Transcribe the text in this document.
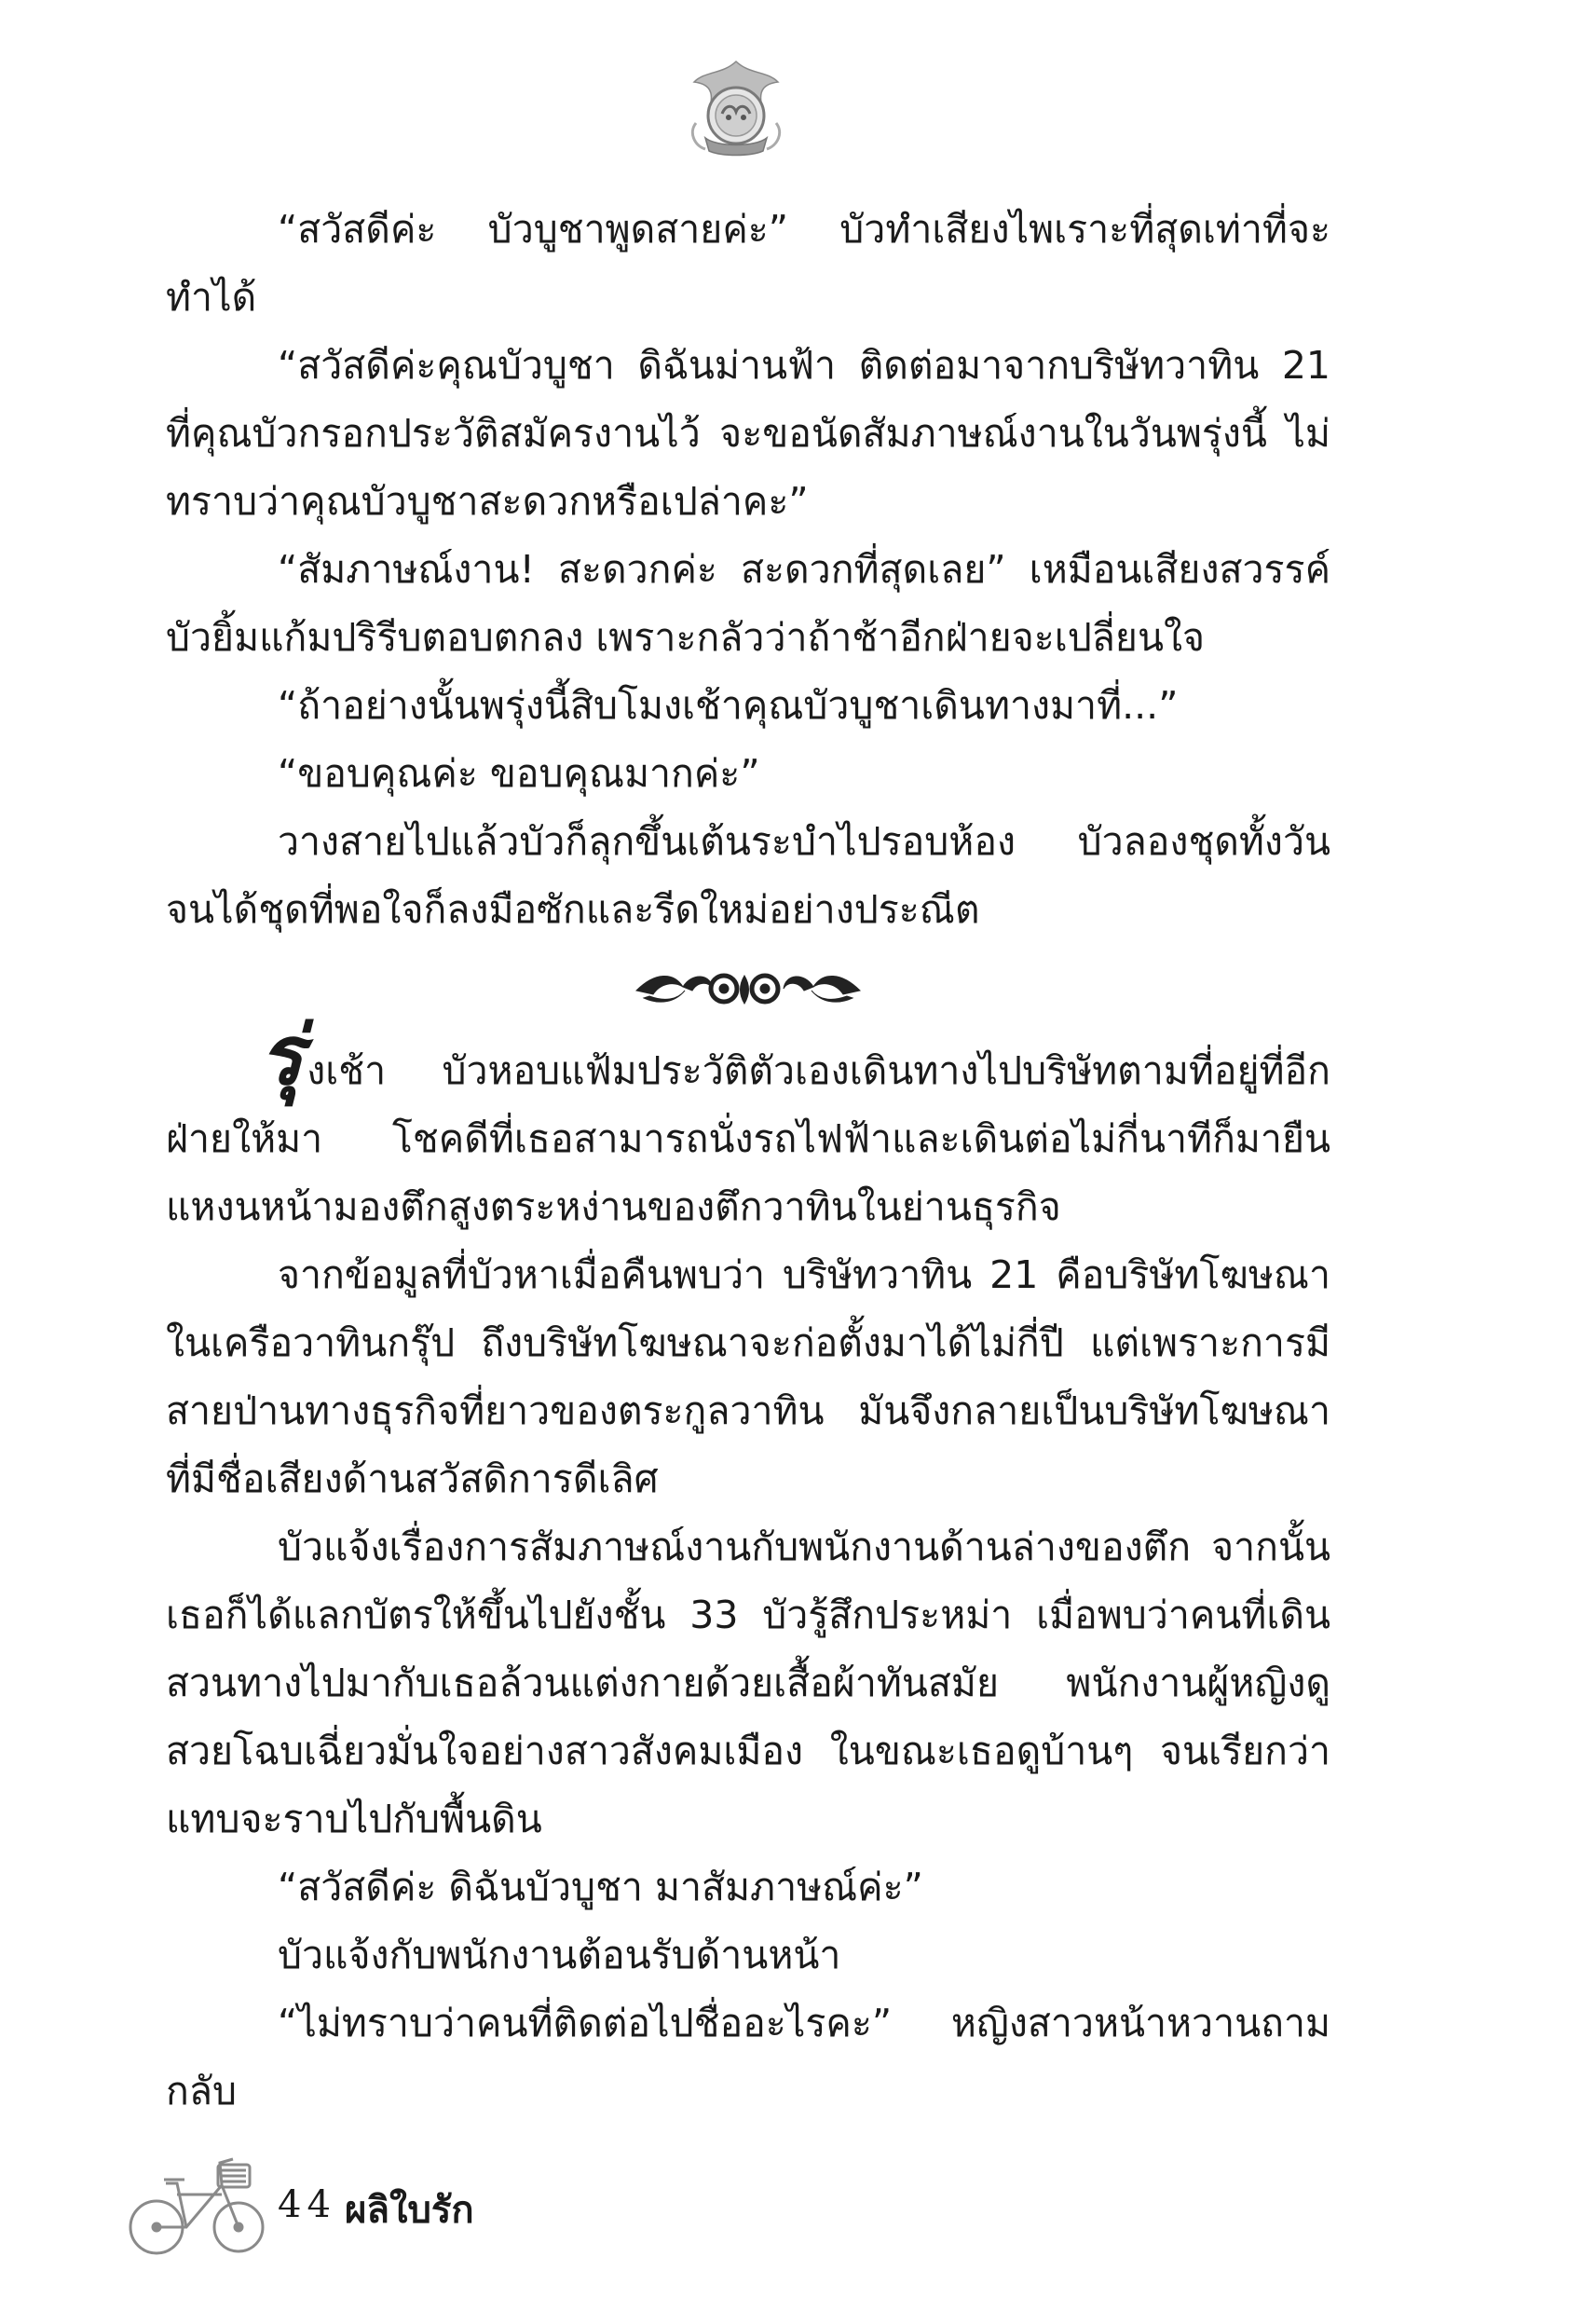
“สวัสดีค่ะ บัวบูชาพูดสายค่ะ” บัวทำเสียงไพเราะที่สุดเท่าที่จะทำได้

“สวัสดีค่ะคุณบัวบูชา ดิฉันม่านฟ้า ติดต่อมาจากบริษัทวาทิน 21 ที่คุณบัวกรอกประวัติสมัครงานไว้ จะขอนัดสัมภาษณ์งานในวันพรุ่งนี้ ไม่ทราบว่าคุณบัวบูชาสะดวกหรือเปล่าคะ”

“สัมภาษณ์งาน! สะดวกค่ะ สะดวกที่สุดเลย” เหมือนเสียงสวรรค์ บัวยิ้มแก้มปริรีบตอบตกลง เพราะกลัวว่าถ้าช้าอีกฝ่ายจะเปลี่ยนใจ

“ถ้าอย่างนั้นพรุ่งนี้สิบโมงเช้าคุณบัวบูชาเดินทางมาที่...”

“ขอบคุณค่ะ ขอบคุณมากค่ะ”

วางสายไปแล้วบัวก็ลุกขึ้นเต้นระบำไปรอบห้อง บัวลองชุดทั้งวัน จนได้ชุดที่พอใจก็ลงมือซักและรีดใหม่อย่างประณีต

รุ่งเช้า บัวหอบแฟ้มประวัติตัวเองเดินทางไปบริษัทตามที่อยู่ที่อีกฝ่ายให้มา โชคดีที่เธอสามารถนั่งรถไฟฟ้าและเดินต่อไม่กี่นาทีก็มายืนแหงนหน้ามองตึกสูงตระหง่านของตึกวาทินในย่านธุรกิจ

จากข้อมูลที่บัวหาเมื่อคืนพบว่า บริษัทวาทิน 21 คือบริษัทโฆษณาในเครือวาทินกรุ๊ป ถึงบริษัทโฆษณาจะก่อตั้งมาได้ไม่กี่ปี แต่เพราะการมีสายป่านทางธุรกิจที่ยาวของตระกูลวาทิน มันจึงกลายเป็นบริษัทโฆษณาที่มีชื่อเสียงด้านสวัสดิการดีเลิศ

บัวแจ้งเรื่องการสัมภาษณ์งานกับพนักงานด้านล่างของตึก จากนั้นเธอก็ได้แลกบัตรให้ขึ้นไปยังชั้น 33 บัวรู้สึกประหม่า เมื่อพบว่าคนที่เดินสวนทางไปมากับเธอล้วนแต่งกายด้วยเสื้อผ้าทันสมัย พนักงานผู้หญิงดูสวยโฉบเฉี่ยวมั่นใจอย่างสาวสังคมเมือง ในขณะเธอดูบ้านๆ จนเรียกว่าแทบจะราบไปกับพื้นดิน

“สวัสดีค่ะ ดิฉันบัวบูชา มาสัมภาษณ์ค่ะ”

บัวแจ้งกับพนักงานต้อนรับด้านหน้า

“ไม่ทราบว่าคนที่ติดต่อไปชื่ออะไรคะ” หญิงสาวหน้าหวานถามกลับ

44 ผลิใบรัก
